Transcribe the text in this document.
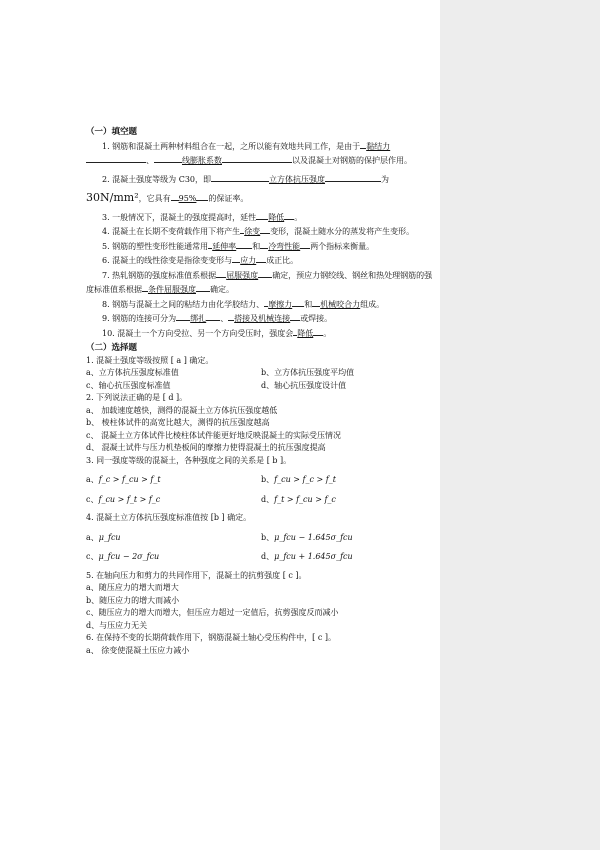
（一）填空题

1. 钢筋和混凝土两种材料组合在一起，之所以能有效地共同工作，是由于 黏结力、	线膨胀系数	以及混凝土对钢筋的保护层作用。

2. 混凝土强度等级为 C30，即	立方体抗压强度	为

30N/mm²，它具有 95% 的保证率。

3. 一般情况下，混凝土的强度提高时，延性 降低 。

4. 混凝土在长期不变荷载作用下将产生 徐变 变形，混凝土随水分的蒸发将产生变形。

5. 钢筋的塑性变形性能通常用 延伸率 和 冷弯性能 两个指标来衡量。

6. 混凝土的线性徐变是指徐变变形与 应力 成正比。

7. 热轧钢筋的强度标准值系根据 屈服强度 确定，预应力钢绞线、钢丝和热处理钢筋的强度标准值系根据 条件屈服强度 确定。

8. 钢筋与混凝土之间的粘结力由化学胶结力、 摩擦力 和 机械咬合力组成。

9. 钢筋的连接可分为 绑扎 、 搭接及机械连接 或焊接。

10. 混凝土一个方向受拉、另一个方向受压时，强度会 降低 。

（二）选择题

1. 混凝土强度等级按照 [ a ] 确定。

a、立方体抗压强度标准值	b、立方体抗压强度平均值
c、轴心抗压强度标准值	d、轴心抗压强度设计值

2. 下列说法正确的是 [ d ]。

a、 加载速度越快，测得的混凝土立方体抗压强度越低

b、 棱柱体试件的高宽比越大，测得的抗压强度越高

c、 混凝土立方体试件比棱柱体试件能更好地反映混凝土的实际受压情况

d、 混凝土试件与压力机垫板间的摩擦力使得混凝土的抗压强度提高

3. 同一强度等级的混凝土，各种强度之间的关系是 [ b ]。

a、f_c > f_cu > f_t	b、f_cu > f_c > f_t
c、f_cu > f_t > f_c	d、f_t > f_cu > f_c

4. 混凝土立方体抗压强度标准值按 [b ] 确定。

a、μ_fcu	b、μ_fcu − 1.645σ_fcu
c、μ_fcu − 2σ_fcu	d、μ_fcu + 1.645σ_fcu

5. 在轴向压力和剪力的共同作用下，混凝土的抗剪强度 [ c ]。

a、随压应力的增大而增大

b、随压应力的增大而减小

c、随压应力的增大而增大，但压应力超过一定值后，抗剪强度反而减小

d、与压应力无关

6. 在保持不变的长期荷载作用下，钢筋混凝土轴心受压构件中，[ c ]。

a、 徐变使混凝土压应力减小
